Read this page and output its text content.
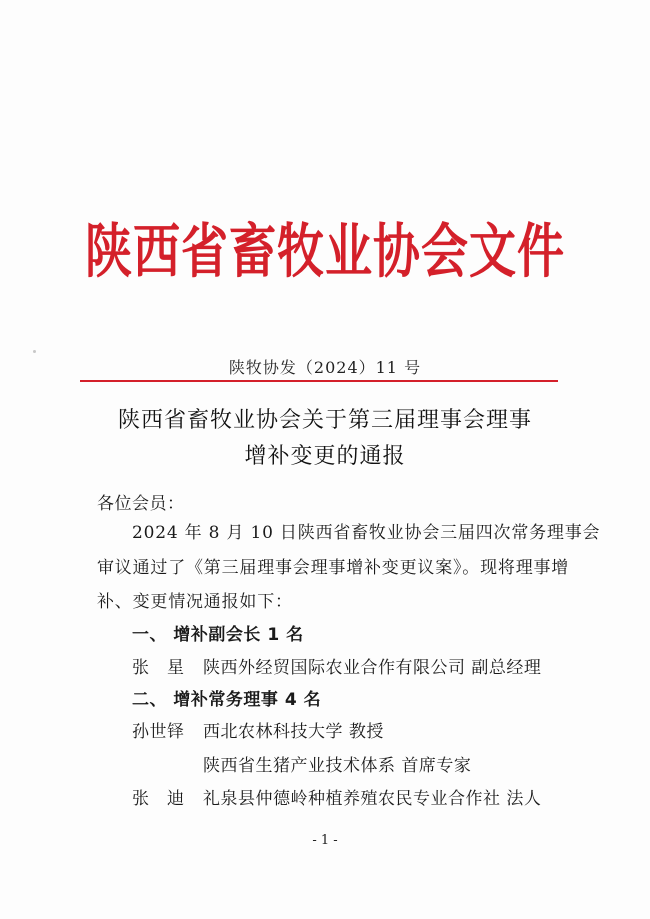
陕西省畜牧业协会文件
陕牧协发（2024）11 号
陕西省畜牧业协会关于第三届理事会理事
增补变更的通报
各位会员：
2024 年 8 月 10 日陕西省畜牧业协会三届四次常务理事会
审议通过了《第三届理事会理事增补变更议案》。现将理事增
补、变更情况通报如下：
一、 增补副会长 1 名
张　星 陕西外经贸国际农业合作有限公司 副总经理
二、 增补常务理事 4 名
孙世铎 西北农林科技大学 教授
陕西省生猪产业技术体系 首席专家
张　迪 礼泉县仲德岭种植养殖农民专业合作社 法人
- 1 -
